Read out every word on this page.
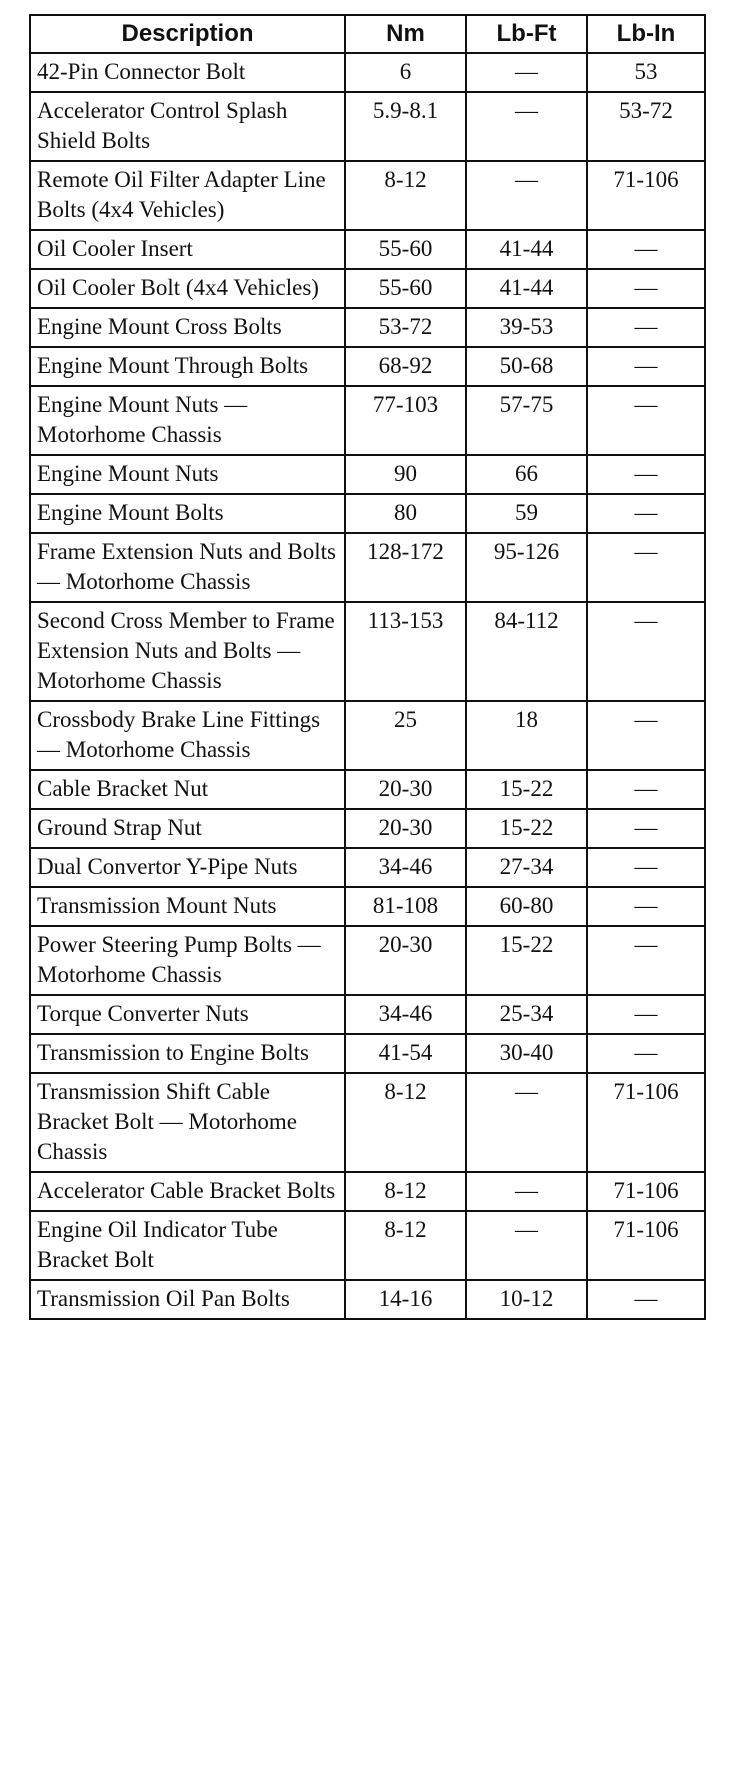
Description	Nm	Lb-Ft	Lb-In
42-Pin Connector Bolt	6	—	53
Accelerator Control Splash Shield Bolts	5.9-8.1	—	53-72
Remote Oil Filter Adapter Line Bolts (4x4 Vehicles)	8-12	—	71-106
Oil Cooler Insert	55-60	41-44	—
Oil Cooler Bolt (4x4 Vehicles)	55-60	41-44	—
Engine Mount Cross Bolts	53-72	39-53	—
Engine Mount Through Bolts	68-92	50-68	—
Engine Mount Nuts — Motorhome Chassis	77-103	57-75	—
Engine Mount Nuts	90	66	—
Engine Mount Bolts	80	59	—
Frame Extension Nuts and Bolts — Motorhome Chassis	128-172	95-126	—
Second Cross Member to Frame Extension Nuts and Bolts — Motorhome Chassis	113-153	84-112	—
Crossbody Brake Line Fittings — Motorhome Chassis	25	18	—
Cable Bracket Nut	20-30	15-22	—
Ground Strap Nut	20-30	15-22	—
Dual Convertor Y-Pipe Nuts	34-46	27-34	—
Transmission Mount Nuts	81-108	60-80	—
Power Steering Pump Bolts — Motorhome Chassis	20-30	15-22	—
Torque Converter Nuts	34-46	25-34	—
Transmission to Engine Bolts	41-54	30-40	—
Transmission Shift Cable Bracket Bolt — Motorhome Chassis	8-12	—	71-106
Accelerator Cable Bracket Bolts	8-12	—	71-106
Engine Oil Indicator Tube Bracket Bolt	8-12	—	71-106
Transmission Oil Pan Bolts	14-16	10-12	—
